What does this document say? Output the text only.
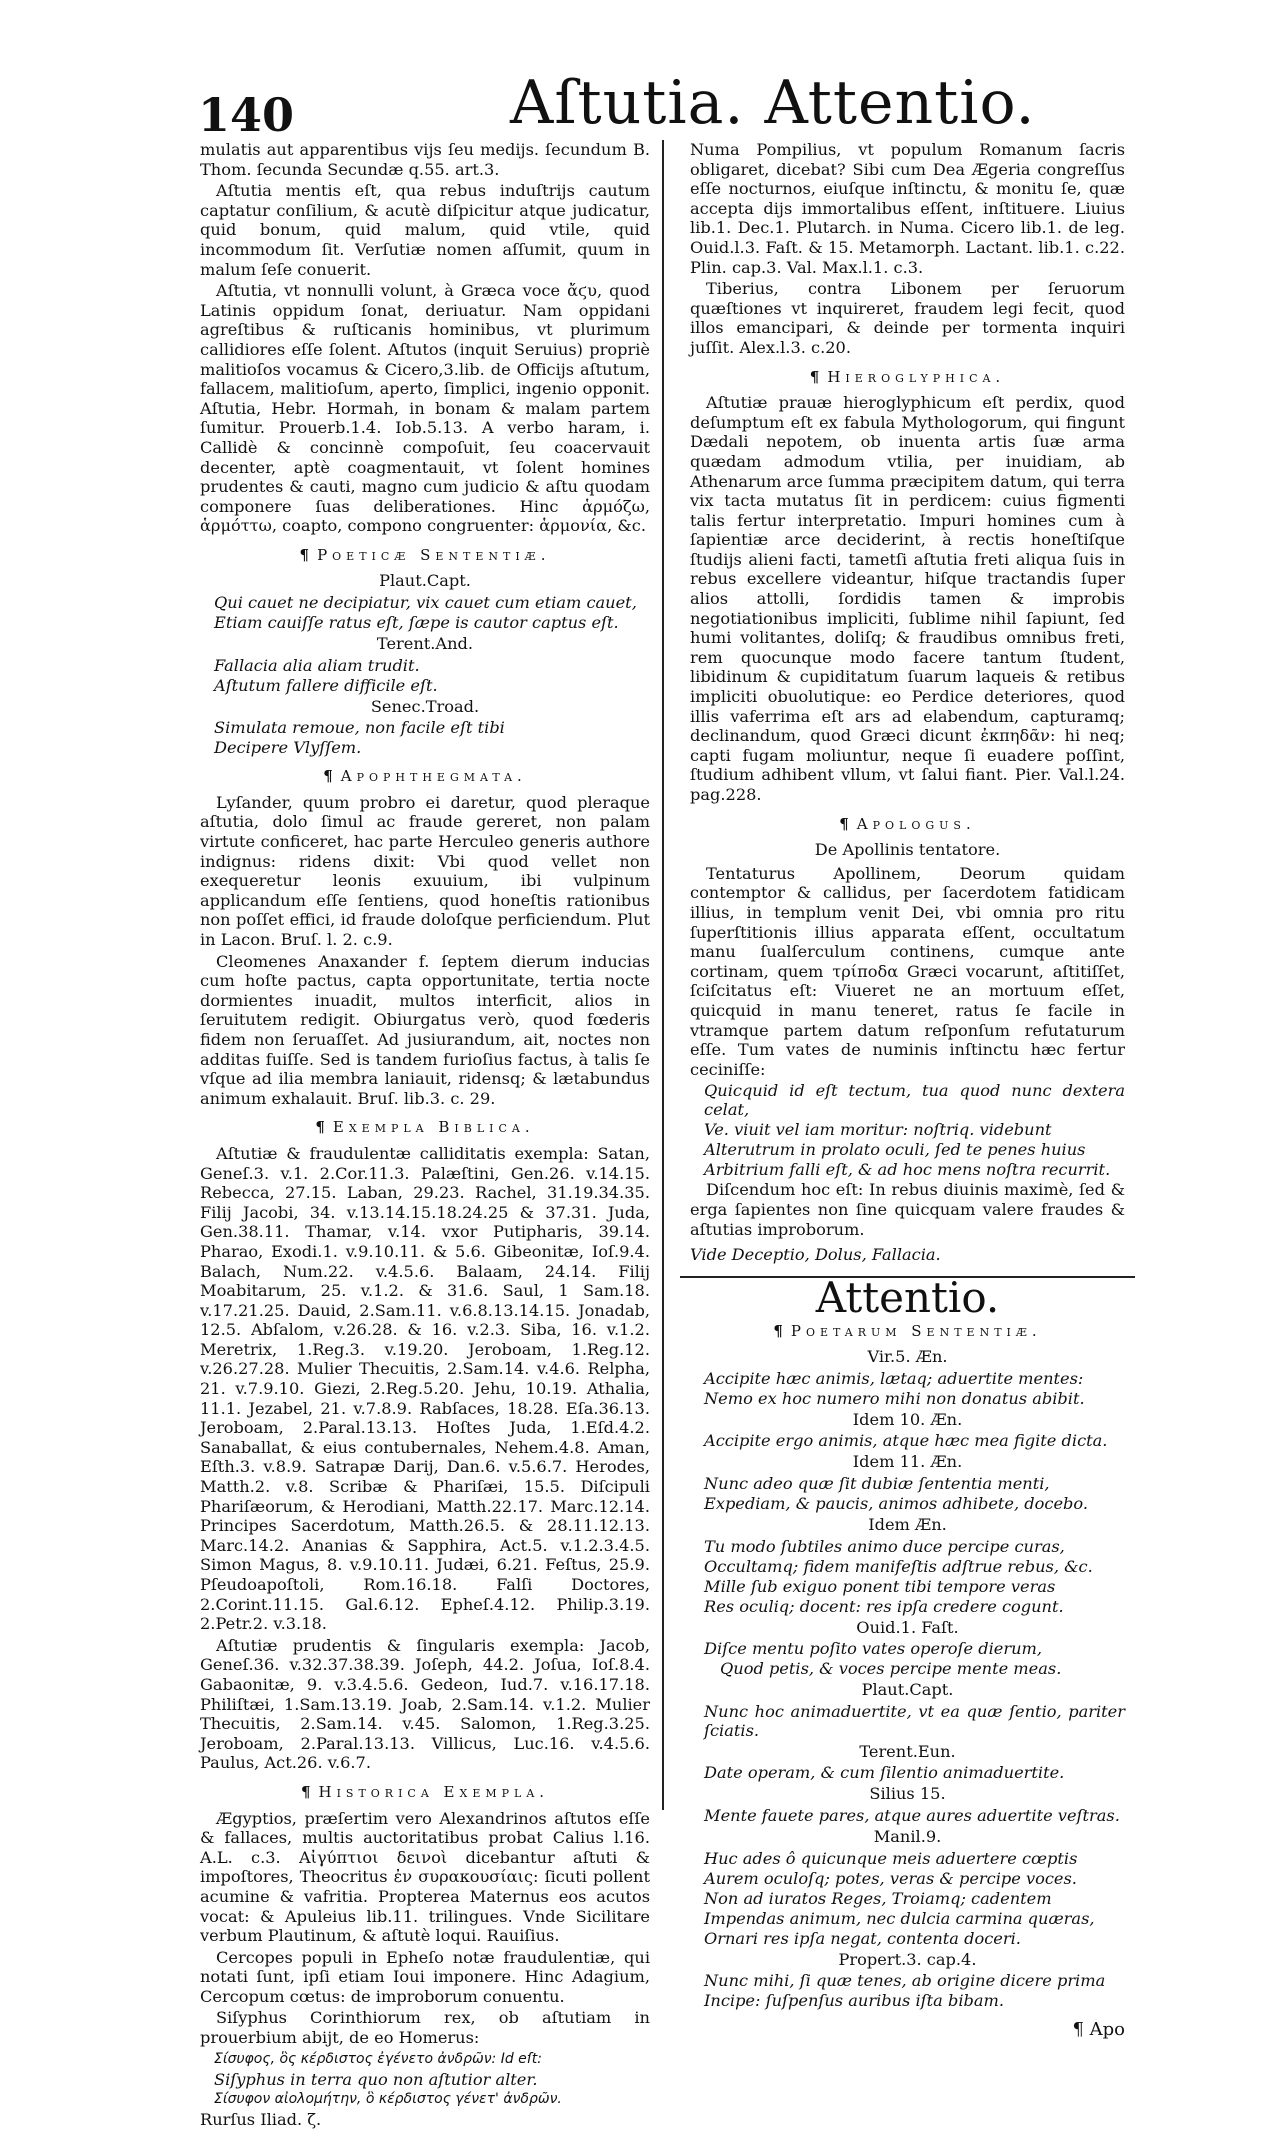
140	Aſtutia. Attentio.

mulatis aut apparentibus vijs ſeu medijs. ſecundum B. Thom. ſecunda Secundæ q.55. art.3.

Aſtutia mentis eſt, qua rebus induſtrijs cautum captatur conſilium, & acutè diſpicitur atque judicatur, quid bonum, quid malum, quid vtile, quid incommodum ſit. Verſutiæ nomen aſſumit, quum in malum ſeſe conuerit.

Aſtutia, vt nonnulli volunt, à Græca voce ἄϛυ, quod Latinis oppidum ſonat, deriuatur. Nam oppidani agreſtibus & ruſticanis hominibus, vt plurimum callidiores eſſe ſolent. Aſtutos (inquit Seruius) propriè malitioſos vocamus & Cicero,3.lib. de Officijs aſtutum, fallacem, malitioſum, aperto, ſimplici, ingenio opponit. Aſtutia, Hebr. Hormah, in bonam & malam partem ſumitur. Prouerb.1.4. Iob.5.13. A verbo haram, i. Callidè & concinnè compoſuit, ſeu coacervauit decenter, aptè coagmentauit, vt ſolent homines prudentes & cauti, magno cum judicio & aſtu quodam componere ſuas deliberationes. Hinc ἁρμόζω, ἁρμόττω, coapto, compono congruenter: ἁρμονία, &c.

¶ Poeticæ Sententiæ.
Plaut.Capt.
Qui cauet ne decipiatur, vix cauet cum etiam cauet,
Etiam cauiſſe ratus eſt, ſæpe is cautor captus eſt.
Terent.And.
Fallacia alia aliam trudit.
Aſtutum fallere difficile eſt.
Senec.Troad.
Simulata remoue, non facile eſt tibi
Decipere Vlyſſem.
¶ Apophthegmata.

Lyſander, quum probro ei daretur, quod pleraque aſtutia, dolo ſimul ac fraude gereret, non palam virtute conficeret, hac parte Herculeo generis authore indignus: ridens dixit: Vbi quod vellet non exequeretur leonis exuuium, ibi vulpinum applicandum eſſe ſentiens, quod honeſtis rationibus non poſſet effici, id fraude doloſque perficiendum. Plut in Lacon. Bruſ. l. 2. c.9.

Cleomenes Anaxander f. ſeptem dierum inducias cum hoſte pactus, capta opportunitate, tertia nocte dormientes inuadit, multos interficit, alios in ſeruitutem redigit. Obiurgatus verò, quod fœderis fidem non ſeruaſſet. Ad jusiurandum, ait, noctes non additas fuiſſe. Sed is tandem furioſius factus, à talis ſe vſque ad ilia membra laniauit, ridensq; & lætabundus animum exhalauit. Bruſ. lib.3. c. 29.

¶ Exempla Biblica.

Aſtutiæ & fraudulentæ calliditatis exempla: Satan, Geneſ.3. v.1. 2.Cor.11.3. Palæſtini, Gen.26. v.14.15. Rebecca, 27.15. Laban, 29.23. Rachel, 31.19.34.35. Filij Jacobi, 34. v.13.14.15.18.24.25 & 37.31. Juda, Gen.38.11. Thamar, v.14. vxor Putipharis, 39.14. Pharao, Exodi.1. v.9.10.11. & 5.6. Gibeonitæ, Ioſ.9.4. Balach, Num.22. v.4.5.6. Balaam, 24.14. Filij Moabitarum, 25. v.1.2. & 31.6. Saul, 1 Sam.18. v.17.21.25. Dauid, 2.Sam.11. v.6.8.13.14.15. Jonadab, 12.5. Abſalom, v.26.28. & 16. v.2.3. Siba, 16. v.1.2. Meretrix, 1.Reg.3. v.19.20. Jeroboam, 1.Reg.12. v.26.27.28. Mulier Thecuitis, 2.Sam.14. v.4.6. Relpha, 21. v.7.9.10. Giezi, 2.Reg.5.20. Jehu, 10.19. Athalia, 11.1. Jezabel, 21. v.7.8.9. Rabſaces, 18.28. Eſa.36.13. Jeroboam, 2.Paral.13.13. Hoſtes Juda, 1.Eſd.4.2. Sanaballat, & eius contubernales, Nehem.4.8. Aman, Eſth.3. v.8.9. Satrapæ Darij, Dan.6. v.5.6.7. Herodes, Matth.2. v.8. Scribæ & Phariſæi, 15.5. Diſcipuli Phariſæorum, & Herodiani, Matth.22.17. Marc.12.14. Principes Sacerdotum, Matth.26.5. & 28.11.12.13. Marc.14.2. Ananias & Sapphira, Act.5. v.1.2.3.4.5. Simon Magus, 8. v.9.10.11. Judæi, 6.21. Feſtus, 25.9. Pſeudoapoſtoli, Rom.16.18. Falſi Doctores, 2.Corint.11.15. Gal.6.12. Epheſ.4.12. Philip.3.19. 2.Petr.2. v.3.18.

Aſtutiæ prudentis & ſingularis exempla: Jacob, Geneſ.36. v.32.37.38.39. Joſeph, 44.2. Joſua, Ioſ.8.4. Gabaonitæ, 9. v.3.4.5.6. Gedeon, Iud.7. v.16.17.18. Philiſtæi, 1.Sam.13.19. Joab, 2.Sam.14. v.1.2. Mulier Thecuitis, 2.Sam.14. v.45. Salomon, 1.Reg.3.25. Jeroboam, 2.Paral.13.13. Villicus, Luc.16. v.4.5.6. Paulus, Act.26. v.6.7.

¶ Historica Exempla.

Ægyptios, præſertim vero Alexandrinos aſtutos eſſe & fallaces, multis auctoritatibus probat Calius l.16. A.L. c.3. Αἰγύπτιοι δεινοὶ dicebantur aſtuti & impoſtores, Theocritus ἐν συρακουσίαις: ſicuti pollent acumine & vafritia. Propterea Maternus eos acutos vocat: & Apuleius lib.11. trilingues. Vnde Sicilitare verbum Plautinum, & aſtutè loqui. Rauiſius.

Cercopes populi in Epheſo notæ fraudulentiæ, qui notati ſunt, ipſi etiam Ioui imponere. Hinc Adagium, Cercopum cœtus: de improborum conuentu.

Siſyphus Corinthiorum rex, ob aſtutiam in prouerbium abijt, de eo Homerus:

Σίσυφος, ὃς κέρδιστος ἐγένετο ἀνδρῶν: Id eſt:
Siſyphus in terra quo non aſtutior alter.
Σίσυφον αἰολομήτην, ὃ κέρδιστος γένετ' ἀνδρῶν.
Rurſus Iliad. ζ.

Numa Pompilius, vt populum Romanum ſacris obligaret, dicebat? Sibi cum Dea Ægeria congreſſus eſſe nocturnos, eiuſque inſtinctu, & monitu ſe, quæ accepta dijs immortalibus eſſent, inſtituere. Liuius lib.1. Dec.1. Plutarch. in Numa. Cicero lib.1. de leg. Ouid.l.3. Faſt. & 15. Metamorph. Lactant. lib.1. c.22. Plin. cap.3. Val. Max.l.1. c.3.

Tiberius, contra Libonem per ſeruorum quæſtiones vt inquireret, fraudem legi fecit, quod illos emancipari, & deinde per tormenta inquiri juſſit. Alex.l.3. c.20.

¶ Hieroglyphica.

Aſtutiæ prauæ hieroglyphicum eſt perdix, quod deſumptum eſt ex fabula Mythologorum, qui fingunt Dædali nepotem, ob inuenta artis ſuæ arma quædam admodum vtilia, per inuidiam, ab Athenarum arce ſumma præcipitem datum, qui terra vix tacta mutatus ſit in perdicem: cuius figmenti talis fertur interpretatio. Impuri homines cum à ſapientiæ arce deciderint, à rectis honeſtiſque ſtudijs alieni facti, tametſi aſtutia freti aliqua ſuis in rebus excellere videantur, hiſque tractandis ſuper alios attolli, ſordidis tamen & improbis negotiationibus impliciti, ſublime nihil ſapiunt, ſed humi volitantes, doliſq; & fraudibus omnibus freti, rem quocunque modo facere tantum ſtudent, libidinum & cupiditatum ſuarum laqueis & retibus impliciti obuolutique: eo Perdice deteriores, quod illis vaferrima eſt ars ad elabendum, capturamq; declinandum, quod Græci dicunt ἐκπηδᾶν: hi neq; capti fugam moliuntur, neque ſi euadere poſſint, ſtudium adhibent vllum, vt ſalui fiant. Pier. Val.l.24. pag.228.

¶ Apologus.
De Apollinis tentatore.

Tentaturus Apollinem, Deorum quidam contemptor & callidus, per ſacerdotem fatidicam illius, in templum venit Dei, vbi omnia pro ritu ſuperſtitionis illius apparata eſſent, occultatum manu ſualſerculum continens, cumque ante cortinam, quem τρίποδα Græci vocarunt, aſtitiſſet, ſciſcitatus eſt: Viueret ne an mortuum eſſet, quicquid in manu teneret, ratus ſe facile in vtramque partem datum reſponſum refutaturum eſſe. Tum vates de numinis inſtinctu hæc fertur ceciniſſe:

Quicquid id eſt tectum, tua quod nunc dextera celat,
Ve. viuit vel iam moritur: noſtriq. videbunt
Alterutrum in prolato oculi, ſed te penes huius
Arbitrium falli eſt, & ad hoc mens noſtra recurrit.

Diſcendum hoc eſt: In rebus diuinis maximè, ſed & erga ſapientes non ſine quicquam valere fraudes & aſtutias improborum.

Vide Deceptio, Dolus, Fallacia.
Attentio.
¶ Poetarum Sententiæ.
Vir.5. Æn.
Accipite hæc animis, lætaq; aduertite mentes:
Nemo ex hoc numero mihi non donatus abibit.
Idem 10. Æn.
Accipite ergo animis, atque hæc mea figite dicta.
Idem 11. Æn.
Nunc adeo quæ ſit dubiæ ſententia menti,
Expediam, & paucis, animos adhibete, docebo.
Idem Æn.
Tu modo ſubtiles animo duce percipe curas,
Occultamq; fidem manifeſtis adſtrue rebus, &c.
Mille ſub exiguo ponent tibi tempore veras
Res oculiq; docent: res ipſa credere cogunt.
Ouid.1. Faſt.
Diſce mentu poſito vates operoſe dierum,
Quod petis, & voces percipe mente meas.
Plaut.Capt.
Nunc hoc animaduertite, vt ea quæ ſentio, pariter ſciatis.
Terent.Eun.
Date operam, & cum ſilentio animaduertite.
Silius 15.
Mente fauete pares, atque aures aduertite veſtras.
Manil.9.
Huc ades ô quicunque meis aduertere cœptis
Aurem oculoſq; potes, veras & percipe voces.
Non ad iuratos Reges, Troiamq; cadentem
Impendas animum, nec dulcia carmina quæras,
Ornari res ipſa negat, contenta doceri.
Propert.3. cap.4.
Nunc mihi, ſi quæ tenes, ab origine dicere prima
Incipe: ſuſpenſus auribus iſta bibam.
¶ Apo
